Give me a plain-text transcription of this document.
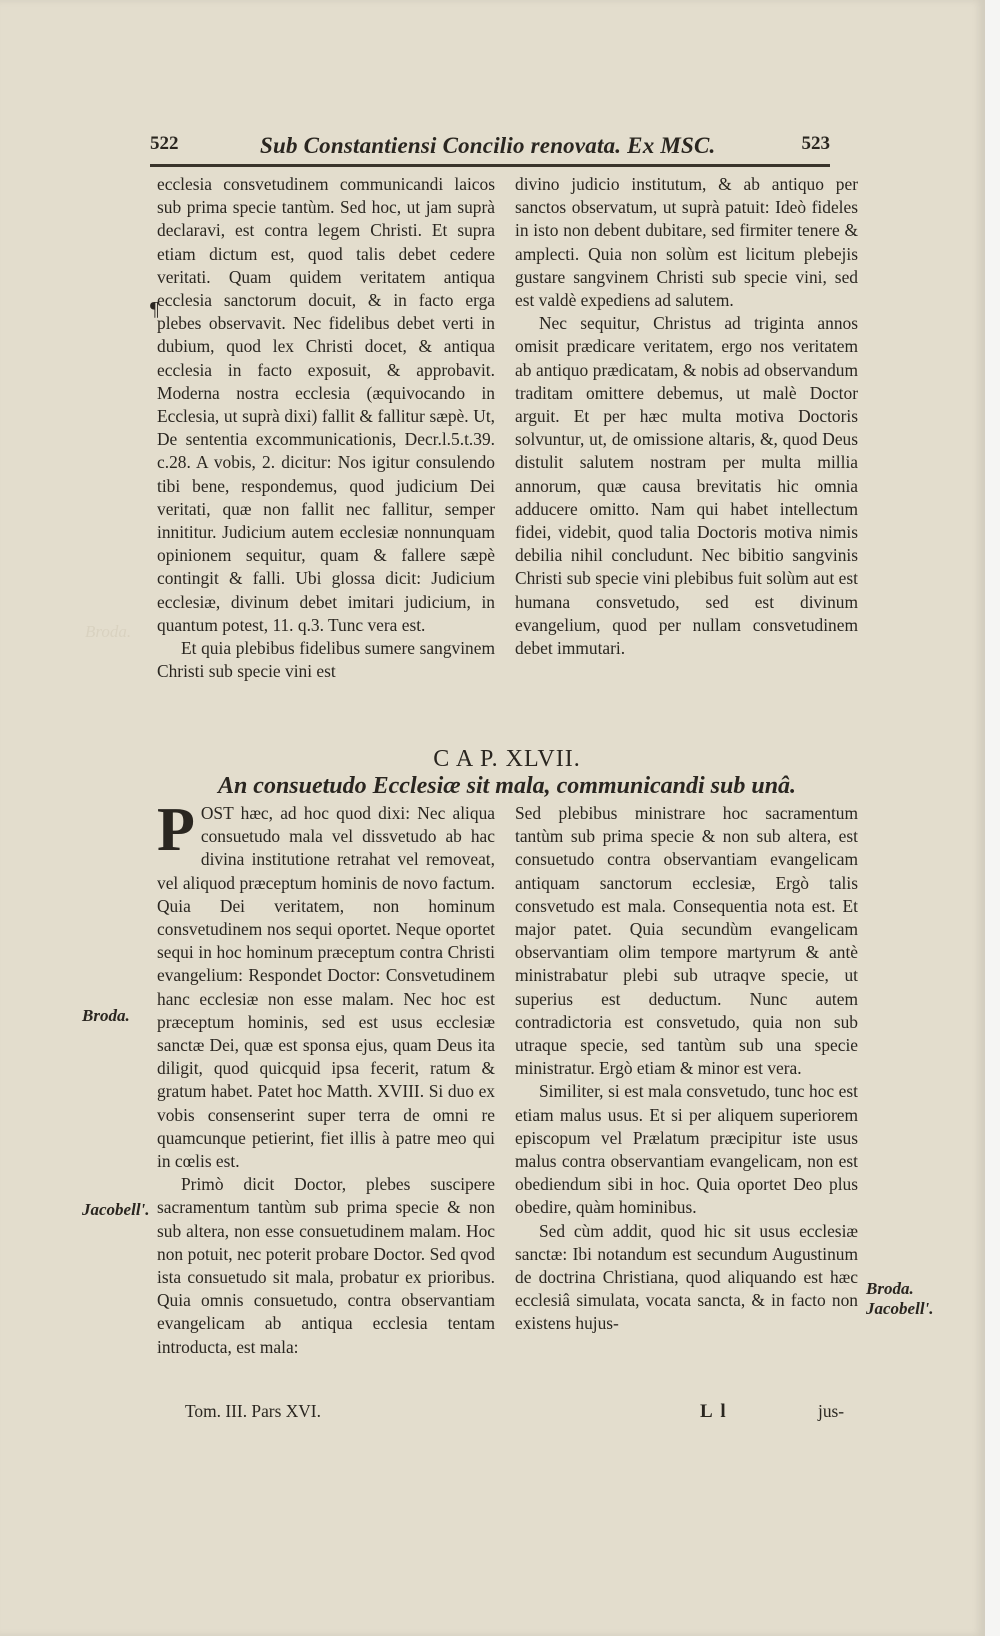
522	Sub Constantiensi Concilio renovata. Ex MSC.	523
¶

ecclesia consvetudinem communicandi laicos sub prima specie tantùm. Sed hoc, ut jam suprà declaravi, est contra legem Christi. Et supra etiam dictum est, quod talis debet cedere veritati. Quam quidem veritatem antiqua ecclesia sanctorum docuit, & in facto erga plebes observavit. Nec fidelibus debet verti in dubium, quod lex Christi docet, & antiqua ecclesia in facto exposuit, & approbavit. Moderna nostra ecclesia (æquivocando in Ecclesia, ut suprà dixi) fallit & fallitur sæpè. Ut, De sententia excommunicationis, Decr.l.5.t.39. c.28. A vobis, 2. dicitur: Nos igitur consulendo tibi bene, respondemus, quod judicium Dei veritati, quæ non fallit nec fallitur, semper innititur. Judicium autem ecclesiæ nonnunquam opinionem sequitur, quam & fallere sæpè contingit & falli. Ubi glossa dicit: Judicium ecclesiæ, divinum debet imitari judicium, in quantum potest, 11. q.3. Tunc vera est.

Et quia plebibus fidelibus sumere sangvinem Christi sub specie vini est

divino judicio institutum, & ab antiquo per sanctos observatum, ut suprà patuit: Ideò fideles in isto non debent dubitare, sed firmiter tenere & amplecti. Quia non solùm est licitum plebejis gustare sangvinem Christi sub specie vini, sed est valdè expediens ad salutem.

Nec sequitur, Christus ad triginta annos omisit prædicare veritatem, ergo nos veritatem ab antiquo prædicatam, & nobis ad observandum traditam omittere debemus, ut malè Doctor arguit. Et per hæc multa motiva Doctoris solvuntur, ut, de omissione altaris, &, quod Deus distulit salutem nostram per multa millia annorum, quæ causa brevitatis hic omnia adducere omitto. Nam qui habet intellectum fidei, videbit, quod talia Doctoris motiva nimis debilia nihil concludunt. Nec bibitio sangvinis Christi sub specie vini plebibus fuit solùm aut est humana consvetudo, sed est divinum evangelium, quod per nullam consvetudinem debet immutari.

C A P. XLVII.
An consuetudo Ecclesiæ sit mala, communicandi sub unâ.

POST hæc, ad hoc quod dixi: Nec aliqua consuetudo mala vel dissvetudo ab hac divina institutione retrahat vel removeat, vel aliquod præceptum hominis de novo factum. Quia Dei veritatem, non hominum consvetudinem nos sequi oportet. Neque oportet sequi in hoc hominum præceptum contra Christi evangelium: Respondet Doctor: Consvetudinem hanc ecclesiæ non esse malam. Nec hoc est præceptum hominis, sed est usus ecclesiæ sanctæ Dei, quæ est sponsa ejus, quam Deus ita diligit, quod quicquid ipsa fecerit, ratum & gratum habet. Patet hoc Matth. XVIII. Si duo ex vobis consenserint super terra de omni re quamcunque petierint, fiet illis à patre meo qui in cœlis est.

Primò dicit Doctor, plebes suscipere sacramentum tantùm sub prima specie & non sub altera, non esse consuetudinem malam. Hoc non potuit, nec poterit probare Doctor. Sed qvod ista consuetudo sit mala, probatur ex prioribus. Quia omnis consuetudo, contra observantiam evangelicam ab antiqua ecclesia tentam introducta, est mala:

Sed plebibus ministrare hoc sacramentum tantùm sub prima specie & non sub altera, est consuetudo contra observantiam evangelicam antiquam sanctorum ecclesiæ, Ergò talis consvetudo est mala. Consequentia nota est. Et major patet. Quia secundùm evangelicam observantiam olim tempore martyrum & antè ministrabatur plebi sub utraqve specie, ut superius est deductum. Nunc autem contradictoria est consvetudo, quia non sub utraque specie, sed tantùm sub una specie ministratur. Ergò etiam & minor est vera.

Similiter, si est mala consvetudo, tunc hoc est etiam malus usus. Et si per aliquem superiorem episcopum vel Prælatum præcipitur iste usus malus contra observantiam evangelicam, non est obediendum sibi in hoc. Quia oportet Deo plus obedire, quàm hominibus.

Sed cùm addit, quod hic sit usus ecclesiæ sanctæ: Ibi notandum est secundum Augustinum de doctrina Christiana, quod aliquando est hæc ecclesiâ simulata, vocata sancta, & in facto non existens hujus-

Broda.
Broda.
Jacobell'.
Broda.
Jacobell'.
Tom. III. Pars XVI.	L l	jus-
